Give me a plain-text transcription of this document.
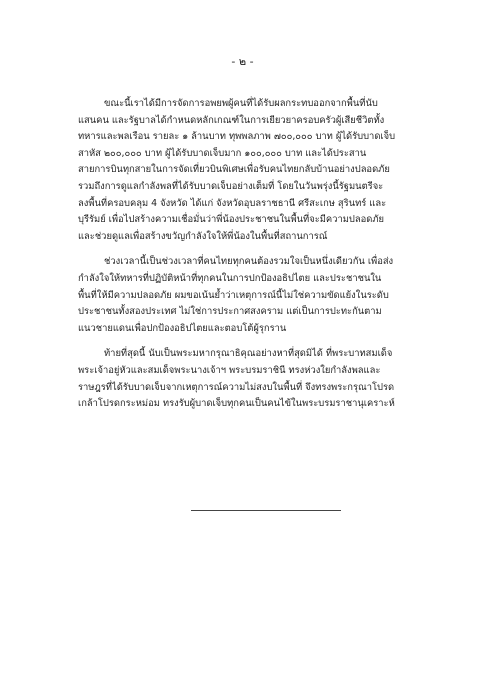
- ๒ -

ขณะนี้เราได้มีการจัดการอพยพผู้คนที่ได้รับผลกระทบออกจากพื้นที่นับ
แสนคน และรัฐบาลได้กำหนดหลักเกณฑ์ในการเยียวยาครอบครัวผู้เสียชีวิตทั้ง
ทหารและพลเรือน รายละ ๑ ล้านบาท ทุพพลภาพ ๗๐๐,๐๐๐ บาท ผู้ได้รับบาดเจ็บ
สาหัส ๒๐๐,๐๐๐ บาท ผู้ได้รับบาดเจ็บมาก ๑๐๐,๐๐๐ บาท และได้ประสาน
สายการบินทุกสายในการจัดเที่ยวบินพิเศษเพื่อรับคนไทยกลับบ้านอย่างปลอดภัย
รวมถึงการดูแลกำลังพลที่ได้รับบาดเจ็บอย่างเต็มที่ โดยในวันพรุ่งนี้รัฐมนตรีจะ
ลงพื้นที่ครอบคลุม 4 จังหวัด ได้แก่ จังหวัดอุบลราชธานี ศรีสะเกษ สุรินทร์ และ
บุรีรัมย์ เพื่อไปสร้างความเชื่อมั่นว่าพี่น้องประชาชนในพื้นที่จะมีความปลอดภัย
และช่วยดูแลเพื่อสร้างขวัญกำลังใจให้พี่น้องในพื้นที่สถานการณ์

ช่วงเวลานี้เป็นช่วงเวลาที่คนไทยทุกคนต้องรวมใจเป็นหนึ่งเดียวกัน เพื่อส่ง
กำลังใจให้ทหารที่ปฏิบัติหน้าที่ทุกคนในการปกป้องอธิปไตย และประชาชนใน
พื้นที่ให้มีความปลอดภัย ผมขอเน้นย้ำว่าเหตุการณ์นี้ไม่ใช่ความขัดแย้งในระดับ
ประชาชนทั้งสองประเทศ ไม่ใช่การประกาศสงคราม แต่เป็นการปะทะกันตาม
แนวชายแดนเพื่อปกป้องอธิปไตยและตอบโต้ผู้รุกราน

ท้ายที่สุดนี้ นับเป็นพระมหากรุณาธิคุณอย่างหาที่สุดมิได้ ที่พระบาทสมเด็จ
พระเจ้าอยู่หัวและสมเด็จพระนางเจ้าฯ พระบรมราชินี ทรงห่วงใยกำลังพลและ
ราษฎรที่ได้รับบาดเจ็บจากเหตุการณ์ความไม่สงบในพื้นที่ จึงทรงพระกรุณาโปรด
เกล้าโปรดกระหม่อม ทรงรับผู้บาดเจ็บทุกคนเป็นคนไข้ในพระบรมราชานุเคราะห์
